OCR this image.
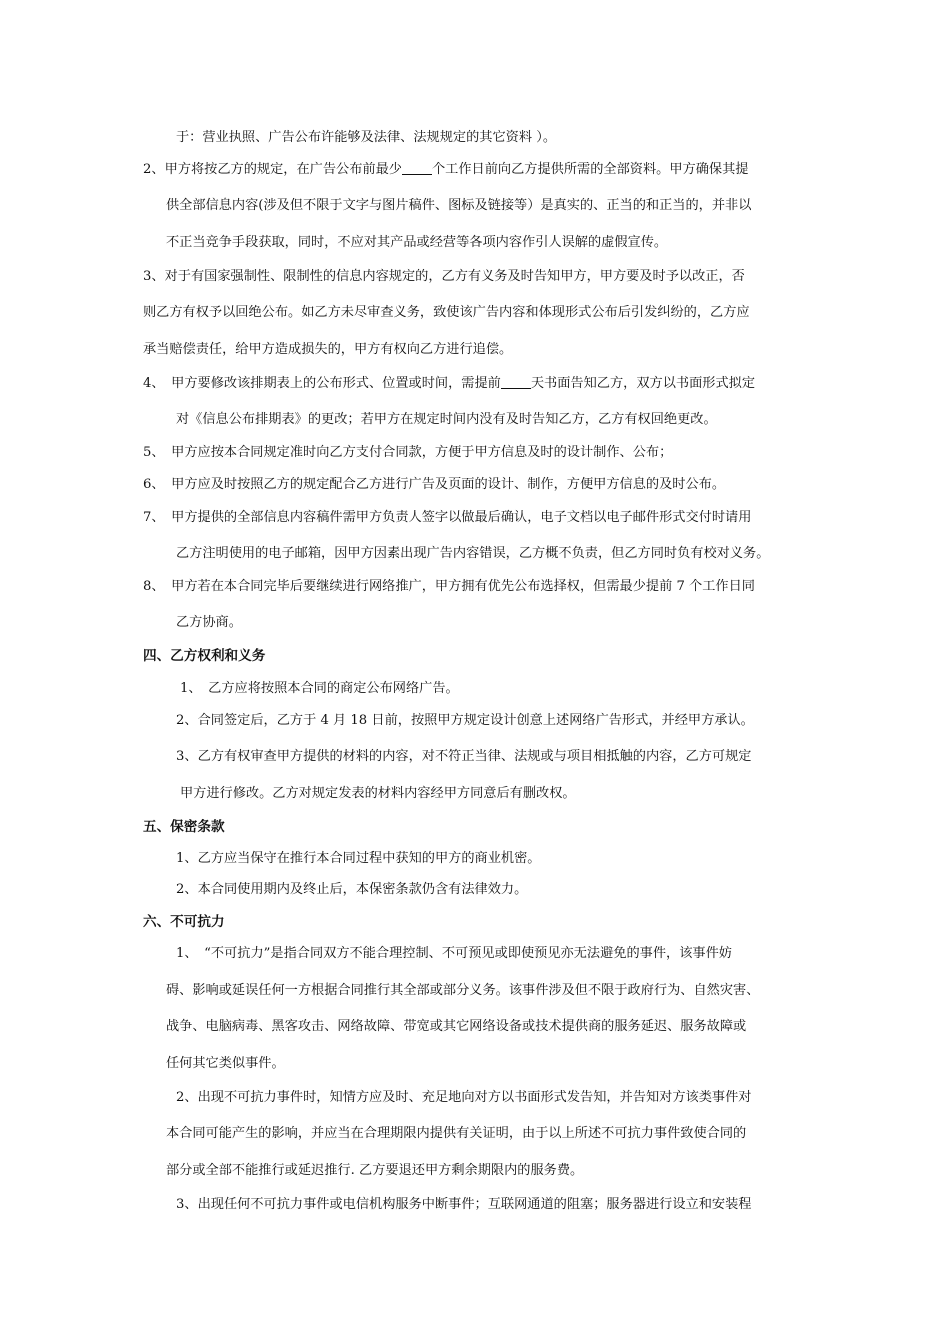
于：营业执照、广告公布许能够及法律、法规规定的其它资料 ）。
2、甲方将按乙方的规定，在广告公布前最少 个工作日前向乙方提供所需的全部资料。甲方确保其提
供全部信息内容(涉及但不限于文字与图片稿件、图标及链接等）是真实的、正当的和正当的，并非以
不正当竞争手段获取，同时，不应对其产品或经营等各项内容作引人误解的虚假宣传。
3、对于有国家强制性、限制性的信息内容规定的，乙方有义务及时告知甲方，甲方要及时予以改正，否
则乙方有权予以回绝公布。如乙方未尽审查义务，致使该广告内容和体现形式公布后引发纠纷的，乙方应
承当赔偿责任，给甲方造成损失的，甲方有权向乙方进行追偿。
4、　甲方要修改该排期表上的公布形式、位置或时间，需提前 天书面告知乙方，双方以书面形式拟定
对《信息公布排期表》的更改；若甲方在规定时间内没有及时告知乙方，乙方有权回绝更改。
5、　甲方应按本合同规定准时向乙方支付合同款，方便于甲方信息及时的设计制作、公布；
6、　甲方应及时按照乙方的规定配合乙方进行广告及页面的设计、制作，方便甲方信息的及时公布。
7、　甲方提供的全部信息内容稿件需甲方负责人签字以做最后确认，电子文档以电子邮件形式交付时请用
乙方注明使用的电子邮箱，因甲方因素出现广告内容错误，乙方概不负责，但乙方同时负有校对义务。
8、　甲方若在本合同完毕后要继续进行网络推广，甲方拥有优先公布选择权，但需最少提前 7 个工作日同
乙方协商。
四、乙方权利和义务
1、　乙方应将按照本合同的商定公布网络广告。
2、合同签定后，乙方于 4 月 18 日前，按照甲方规定设计创意上述网络广告形式，并经甲方承认。
3、乙方有权审查甲方提供的材料的内容，对不符正当律、法规或与项目相抵触的内容，乙方可规定
甲方进行修改。乙方对规定发表的材料内容经甲方同意后有删改权。
五、保密条款
1、乙方应当保守在推行本合同过程中获知的甲方的商业机密。
2、本合同使用期内及终止后，本保密条款仍含有法律效力。
六、不可抗力
1、　“不可抗力”是指合同双方不能合理控制、不可预见或即使预见亦无法避免的事件，该事件妨
碍、影响或延误任何一方根据合同推行其全部或部分义务。该事件涉及但不限于政府行为、自然灾害、
战争、电脑病毒、黑客攻击、网络故障、带宽或其它网络设备或技术提供商的服务延迟、服务故障或
任何其它类似事件。
2、出现不可抗力事件时，知情方应及时、充足地向对方以书面形式发告知，并告知对方该类事件对
本合同可能产生的影响，并应当在合理期限内提供有关证明，由于以上所述不可抗力事件致使合同的
部分或全部不能推行或延迟推行. 乙方要退还甲方剩余期限内的服务费。
3、出现任何不可抗力事件或电信机构服务中断事件；互联网通道的阻塞；服务器进行设立和安装程
